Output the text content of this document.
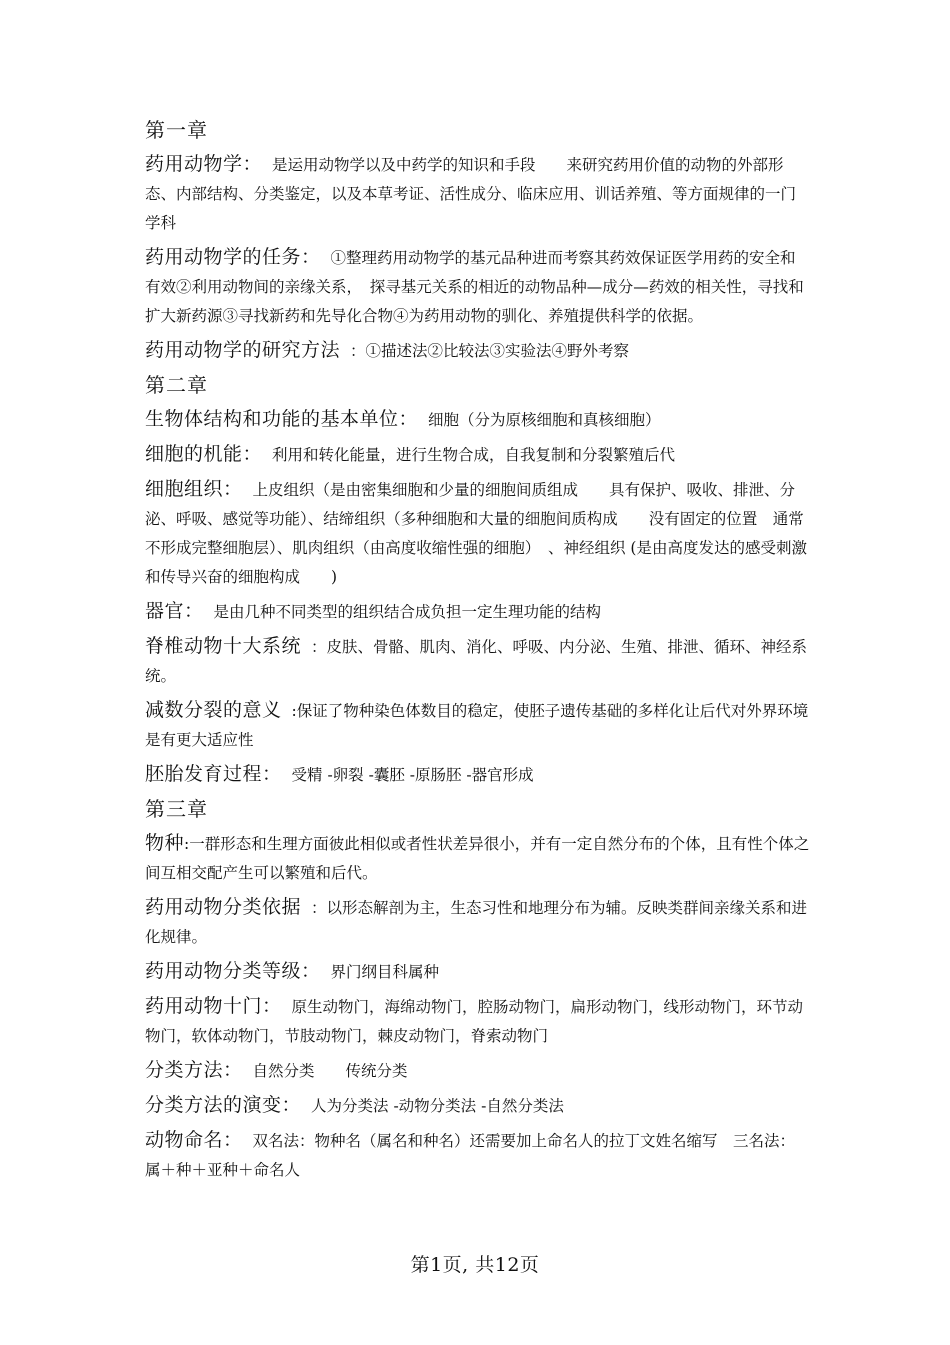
第一章
药用动物学： 是运用动物学以及中药学的知识和手段　　来研究药用价值的动物的外部形态、内部结构、分类鉴定，以及本草考证、活性成分、临床应用、训话养殖、等方面规律的一门学科
药用动物学的任务： ①整理药用动物学的基元品种进而考察其药效保证医学用药的安全和有效②利用动物间的亲缘关系，　探寻基元关系的相近的动物品种—成分—药效的相关性，寻找和扩大新药源③寻找新药和先导化合物④为药用动物的驯化、养殖提供科学的依据。
药用动物学的研究方法 ：①描述法②比较法③实验法④野外考察
第二章
生物体结构和功能的基本单位： 细胞（分为原核细胞和真核细胞）
细胞的机能： 利用和转化能量，进行生物合成，自我复制和分裂繁殖后代
细胞组织： 上皮组织（是由密集细胞和少量的细胞间质组成　　具有保护、吸收、排泄、分泌、呼吸、感觉等功能）、结缔组织（多种细胞和大量的细胞间质构成　　没有固定的位置　通常不形成完整细胞层）、肌肉组织（由高度收缩性强的细胞）　、神经组织 (是由高度发达的感受刺激和传导兴奋的细胞构成　　)
器官： 是由几种不同类型的组织结合成负担一定生理功能的结构
脊椎动物十大系统 ：皮肤、骨骼、肌肉、消化、呼吸、内分泌、生殖、排泄、循环、神经系统。
减数分裂的意义 :保证了物种染色体数目的稳定，使胚子遗传基础的多样化让后代对外界环境是有更大适应性
胚胎发育过程： 受精 -卵裂 -囊胚 -原肠胚 -器官形成
第三章
物种:一群形态和生理方面彼此相似或者性状差异很小，并有一定自然分布的个体，且有性个体之间互相交配产生可以繁殖和后代。
药用动物分类依据 ：以形态解剖为主，生态习性和地理分布为辅。反映类群间亲缘关系和进化规律。
药用动物分类等级： 界门纲目科属种
药用动物十门： 原生动物门，海绵动物门，腔肠动物门，扁形动物门，线形动物门，环节动物门，软体动物门，节肢动物门，棘皮动物门，脊索动物门
分类方法： 自然分类　　传统分类
分类方法的演变： 人为分类法 -动物分类法 -自然分类法
动物命名： 双名法：物种名（属名和种名）还需要加上命名人的拉丁文姓名缩写　三名法：属＋种＋亚种＋命名人
第1页, 共12页
